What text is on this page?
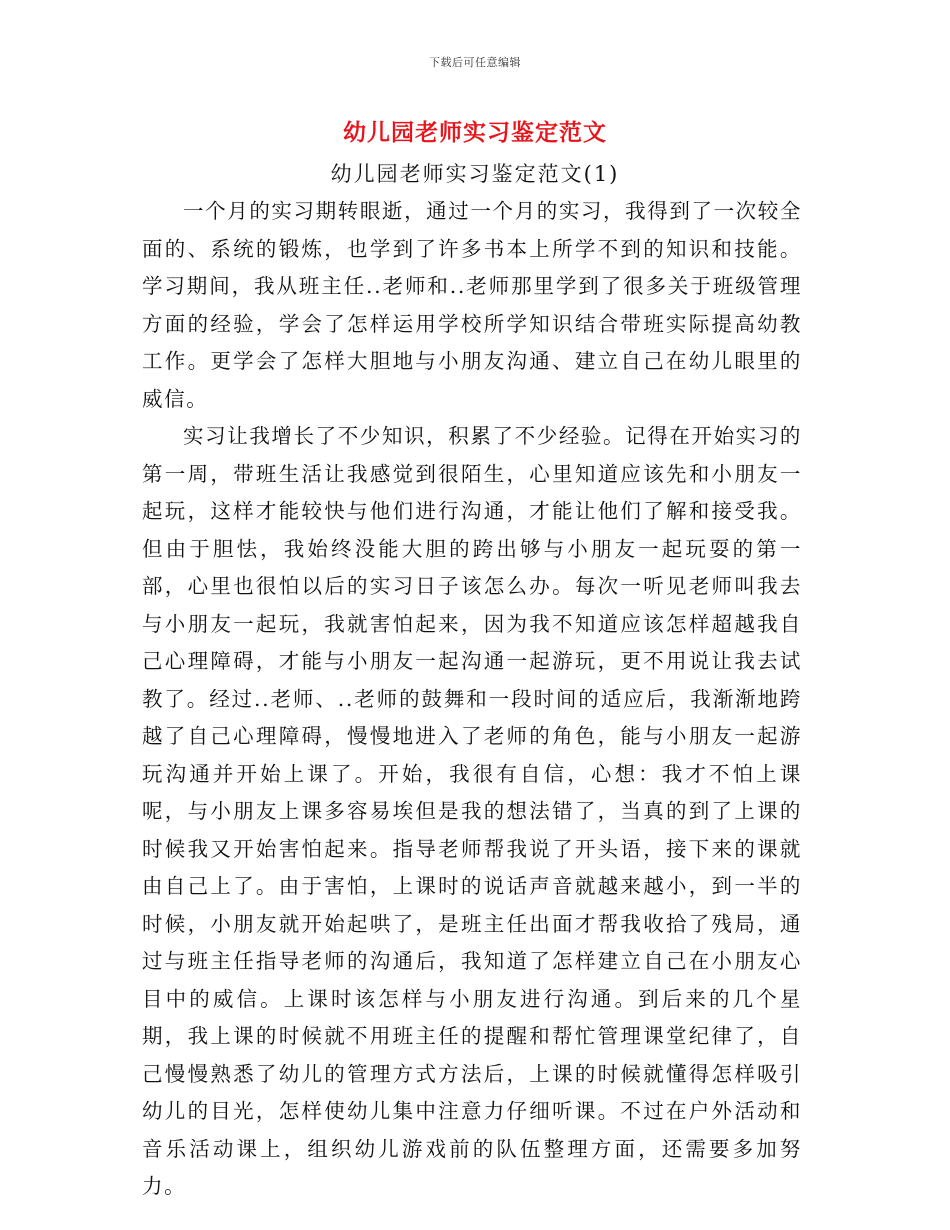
下载后可任意编辑
幼儿园老师实习鉴定范文
幼儿园老师实习鉴定范文(1)

一个月的实习期转眼逝，通过一个月的实习，我得到了一次较全面的、系统的锻炼，也学到了许多书本上所学不到的知识和技能。学习期间，我从班主任..老师和..老师那里学到了很多关于班级管理方面的经验，学会了怎样运用学校所学知识结合带班实际提高幼教工作。更学会了怎样大胆地与小朋友沟通、建立自己在幼儿眼里的威信。

实习让我增长了不少知识，积累了不少经验。记得在开始实习的第一周，带班生活让我感觉到很陌生，心里知道应该先和小朋友一起玩，这样才能较快与他们进行沟通，才能让他们了解和接受我。但由于胆怯，我始终没能大胆的跨出够与小朋友一起玩耍的第一部，心里也很怕以后的实习日子该怎么办。每次一听见老师叫我去与小朋友一起玩，我就害怕起来，因为我不知道应该怎样超越我自己心理障碍，才能与小朋友一起沟通一起游玩，更不用说让我去试教了。经过..老师、..老师的鼓舞和一段时间的适应后，我渐渐地跨越了自己心理障碍，慢慢地进入了老师的角色，能与小朋友一起游玩沟通并开始上课了。开始，我很有自信，心想：我才不怕上课呢，与小朋友上课多容易埃但是我的想法错了，当真的到了上课的时候我又开始害怕起来。指导老师帮我说了开头语，接下来的课就由自己上了。由于害怕，上课时的说话声音就越来越小，到一半的时候，小朋友就开始起哄了，是班主任出面才帮我收拾了残局，通过与班主任指导老师的沟通后，我知道了怎样建立自己在小朋友心目中的威信。上课时该怎样与小朋友进行沟通。到后来的几个星期，我上课的时候就不用班主任的提醒和帮忙管理课堂纪律了，自己慢慢熟悉了幼儿的管理方式方法后，上课的时候就懂得怎样吸引幼儿的目光，怎样使幼儿集中注意力仔细听课。不过在户外活动和音乐活动课上，组织幼儿游戏前的队伍整理方面，还需要多加努力。
